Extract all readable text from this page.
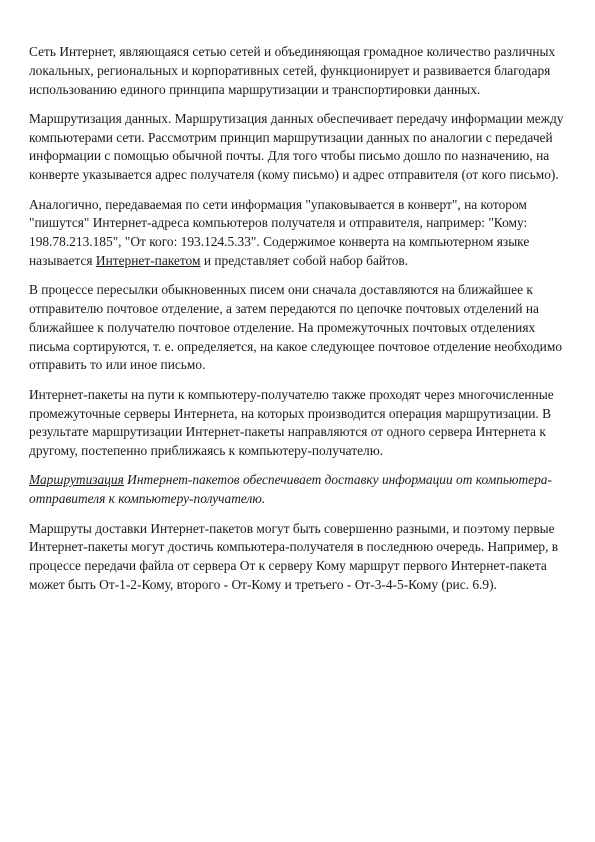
Сеть Интернет, являющаяся сетью сетей и объединяющая громадное количество различных локальных, региональных и корпоративных сетей, функционирует и развивается благодаря использованию единого принципа маршрутизации и транспортировки данных.

Маршрутизация данных. Маршрутизация данных обеспечивает передачу информации между компьютерами сети. Рассмотрим принцип маршрутизации данных по аналогии с передачей информации с помощью обычной почты. Для того чтобы письмо дошло по назначению, на конверте указывается адрес получателя (кому письмо) и адрес отправителя (от кого письмо).

Аналогично, передаваемая по сети информация "упаковывается в конверт", на котором "пишутся" Интернет-адреса компьютеров получателя и отправителя, например: "Кому: 198.78.213.185", "От кого: 193.124.5.33". Содержимое конверта на компьютерном языке называется Интернет-пакетом и представляет собой набор байтов.

В процессе пересылки обыкновенных писем они сначала доставляются на ближайшее к отправителю почтовое отделение, а затем передаются по цепочке почтовых отделений на ближайшее к получателю почтовое отделение. На промежуточных почтовых отделениях письма сортируются, т. е. определяется, на какое следующее почтовое отделение необходимо отправить то или иное письмо.

Интернет-пакеты на пути к компьютеру-получателю также проходят через многочисленные промежуточные серверы Интернета, на которых производится операция маршрутизации. В результате маршрутизации Интернет-пакеты направляются от одного сервера Интернета к другому, постепенно приближаясь к компьютеру-получателю.

Маршрутизация Интернет-пакетов обеспечивает доставку информации от компьютера-отправителя к компьютеру-получателю.

Маршруты доставки Интернет-пакетов могут быть совершенно разными, и поэтому первые Интернет-пакеты могут достичь компьютера-получателя в последнюю очередь. Например, в процессе передачи файла от сервера От к серверу Кому маршрут первого Интернет-пакета может быть От-1-2-Кому, второго - От-Кому и третьего - От-3-4-5-Кому (рис. 6.9).
